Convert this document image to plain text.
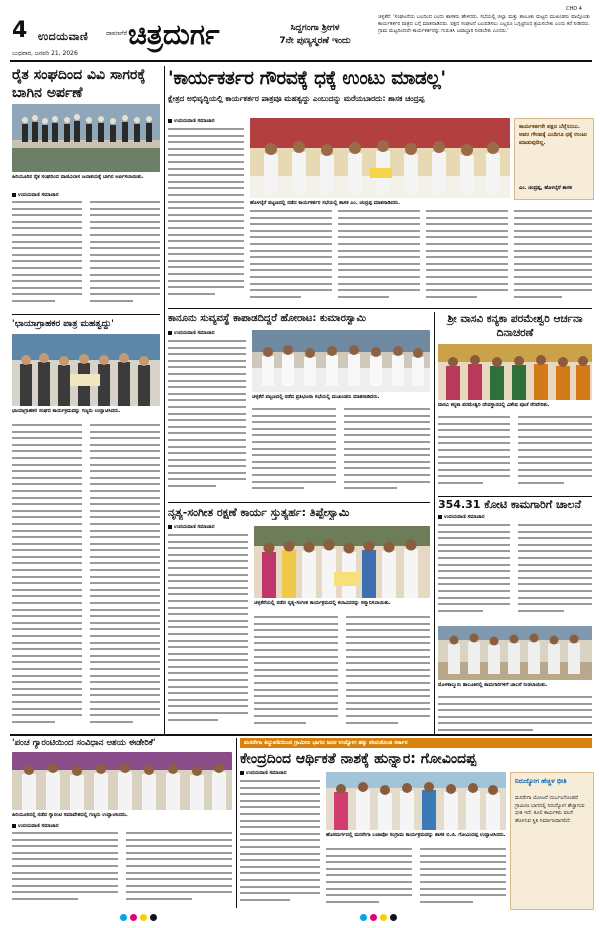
4 ಉದಯವಾಣಿ	ದಾವಣಗೆರೆ
ಬುಧವಾರ, ಜನವರಿ 21, 2026
ಚಿತ್ರದುರ್ಗ	ಸಿದ್ದಗಂಗಾ ಶ್ರೀಗಳ
7ನೇ ಪುಣ್ಯಸ್ಮರಣೆ ಇಂದು
CHD 4
ಚಳ್ಳಕೆರೆ: 'ಸಂಘಟನೆಯ ಬಲದಿಂದ ಎಂದು ಶಾಸಕರು ಹೇಳಿದರು. ಸಭೆಯಲ್ಲಿ ಜಿಲ್ಲಾ ಮತ್ತು ತಾಲೂಕು ಮಟ್ಟದ ಮುಖಂಡರು ಪಾಲ್ಗೊಂಡು ಕಾರ್ಯಕರ್ತರ ಪಾತ್ರದ ಬಗ್ಗೆ ಮಾತನಾಡಿದರು. ಪಕ್ಷದ ಸಂಘಟನೆ ಬಲಪಡಿಸಲು ಎಲ್ಲರೂ ಒಗ್ಗಟ್ಟಿನಿಂದ ಶ್ರಮಿಸಬೇಕು ಎಂದು ಕರೆ ನೀಡಿದರು. ಗ್ರಾಮ ಮಟ್ಟದಿಂದಲೇ ಕಾರ್ಯಕರ್ತರನ್ನು ಗುರುತಿಸಿ ಜವಾಬ್ದಾರಿ ನೀಡಬೇಕು ಎಂದರು.'
ರೈತ ಸಂಘದಿಂದ ವಿವಿ ಸಾಗರಕ್ಕೆ ಬಾಗಿನ ಅರ್ಪಣೆ
ಹಿರಿಯೂರಿನ ರೈತ ಸಂಘದಿಂದ ವಾಣಿವಿಲಾಸ ಜಲಾಶಯಕ್ಕೆ ಬಾಗಿನ ಅರ್ಪಿಸಲಾಯಿತು.
ಉದಯವಾಣಿ ಸಮಾಚಾರ
'ಛಾಯಾಗ್ರಾಹಕರ ಪಾತ್ರ ಮಹತ್ವದ್ದು'
ಛಾಯಾಗ್ರಾಹಕರ ಸಂಘದ ಕಾರ್ಯಕ್ರಮವನ್ನು ಗಣ್ಯರು ಉದ್ಘಾಟಿಸಿದರು.
'ಕಾರ್ಯಕರ್ತರ ಗೌರವಕ್ಕೆ ಧಕ್ಕೆ ಉಂಟು ಮಾಡಲ್ಲ'
ಕ್ಷೇತ್ರದ ಅಭಿವೃದ್ಧಿಯಲ್ಲಿ ಕಾರ್ಯಕರ್ತರ ಪಾತ್ರವೂ ಮಹತ್ವದ್ದು ಎಂಬುದನ್ನು ಮರೆಯಬಾರದು: ಶಾಸಕ ಚಂದ್ರಪ್ಪ
ಉದಯವಾಣಿ ಸಮಾಚಾರ
ಕಾರ್ಯಕರ್ತರೇ ಪಕ್ಷದ ಬೆನ್ನೆಲುಬು. ಅವರ ಗೌರವಕ್ಕೆ ಎಂದಿಗೂ ಧಕ್ಕೆ ಉಂಟು ಮಾಡುವುದಿಲ್ಲ.
ಎಂ. ಚಂದ್ರಪ್ಪ, ಹೊಳಲ್ಕೆರೆ ಶಾಸಕ
ಹೊಳಲ್ಕೆರೆ ಪಟ್ಟಣದಲ್ಲಿ ನಡೆದ ಕಾರ್ಯಕರ್ತರ ಸಭೆಯಲ್ಲಿ ಶಾಸಕ ಎಂ. ಚಂದ್ರಪ್ಪ ಮಾತನಾಡಿದರು.
ಕಾನೂನು ಸುವ್ಯವಸ್ಥೆ ಕಾಪಾಡದಿದ್ದರೆ ಹೋರಾಟ: ಕುಮಾರಸ್ವಾಮಿ
ಉದಯವಾಣಿ ಸಮಾಚಾರ
ಚಳ್ಳಕೆರೆ ಪಟ್ಟಣದಲ್ಲಿ ನಡೆದ ಪ್ರತಿಭಟನಾ ಸಭೆಯಲ್ಲಿ ಮುಖಂಡರು ಮಾತನಾಡಿದರು.
ಶ್ರೀ ವಾಸವಿ ಕನ್ಯಕಾ ಪರಮೇಶ್ವರಿ ಆರ್ಚನಾ ದಿನಾಚರಣೆ
ವಾಸವಿ ಕನ್ಯಕಾ ಪರಮೇಶ್ವರಿ ದೇವಸ್ಥಾನದಲ್ಲಿ ವಿಶೇಷ ಪೂಜೆ ನೆರವೇರಿತು.
354.31 ಕೋಟಿ ಕಾಮಗಾರಿಗೆ ಚಾಲನೆ
ಉದಯವಾಣಿ ಸಮಾಚಾರ
ಮೊಳಕಾಲ್ಮುರು ತಾಲೂಕಿನಲ್ಲಿ ಕಾಮಗಾರಿಗಳಿಗೆ ಚಾಲನೆ ನೀಡಲಾಯಿತು.
ನೃತ್ಯ-ಸಂಗೀತ ರಕ್ಷಣೆ ಕಾರ್ಯ ಸ್ತುತ್ಯರ್ಹ: ತಿಪ್ಪೇಸ್ವಾಮಿ
ಉದಯವಾಣಿ ಸಮಾಚಾರ
ಚಳ್ಳಕೆರೆಯಲ್ಲಿ ನಡೆದ ನೃತ್ಯ-ಸಂಗೀತ ಕಾರ್ಯಕ್ರಮದಲ್ಲಿ ಕಲಾವಿದರನ್ನು ಸನ್ಮಾನಿಸಲಾಯಿತು.
'ಪಂಚ ಗ್ಯಾರಂಟಿಯಿಂದ ಸಂವಿಧಾನ ಆಶಯ ಈಡೇರಿಕೆ'
ಹಿರಿಯೂರಿನಲ್ಲಿ ನಡೆದ ಗ್ಯಾರಂಟಿ ಸಮಾವೇಶದಲ್ಲಿ ಗಣ್ಯರು ಉದ್ಘಾಟಿಸಿದರು.
ಉದಯವಾಣಿ ಸಮಾಚಾರ
ಮನರೇಗಾ ತಿದ್ದುಪಡಿಯಿಂದ ಗ್ರಾಮೀಣ ಭಾಗದ ಜನರ ಉದ್ಯೋಗ ಹಕ್ಕು ಕಸಿದುಕೊಂಡ ಸರ್ಕಾರ
ಕೇಂದ್ರದಿಂದ ಆರ್ಥಿಕತೆ ನಾಶಕ್ಕೆ ಹುನ್ನಾರ: ಗೋವಿಂದಪ್ಪ
ಉದಯವಾಣಿ ಸಮಾಚಾರ
ಹೊಸದುರ್ಗದಲ್ಲಿ ಮನರೇಗಾ ಬಚಾವೋ ಸಂಗ್ರಾಮ ಕಾರ್ಯಕ್ರಮವನ್ನು ಶಾಸಕ ಬಿ.ಜಿ. ಗೋವಿಂದಪ್ಪ ಉದ್ಘಾಟಿಸಿದರು.
ನಿರುದ್ಯೋಗ ಹೆಚ್ಚಳ ಭೀತಿ
ಮನರೇಗಾ ಯೋಜನೆ ದುರ್ಬಲಗೊಂಡರೆ ಗ್ರಾಮೀಣ ಭಾಗದಲ್ಲಿ ನಿರುದ್ಯೋಗ ಹೆಚ್ಚಾಗುವ ಭೀತಿ ಇದೆ. ಕೂಲಿ ಕಾರ್ಮಿಕರು ವಲಸೆ ಹೋಗುವ ಸ್ಥಿತಿ ನಿರ್ಮಾಣವಾಗಲಿದೆ.
